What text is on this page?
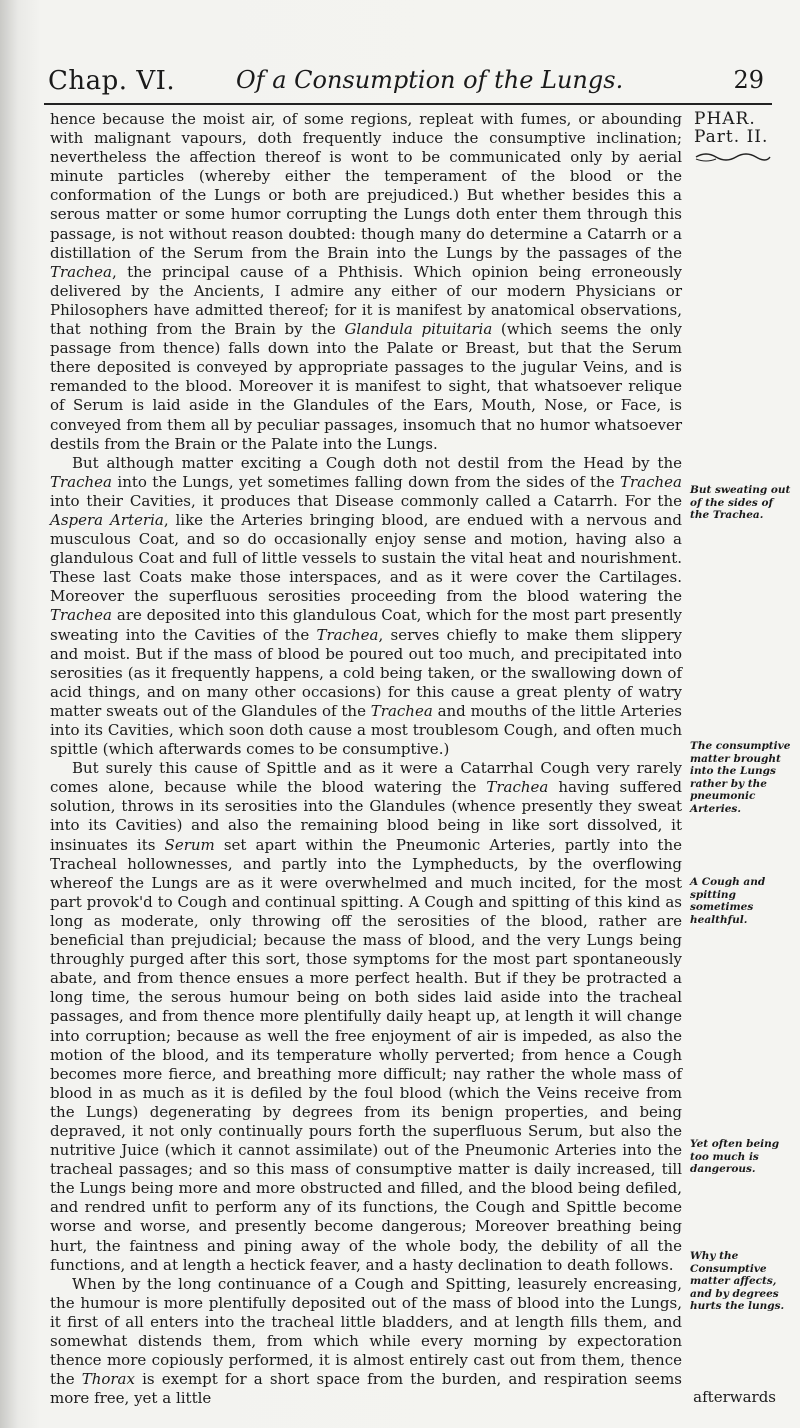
Chap. VI.	Of a Consumption of the Lungs.	29
PHAR.
Part. II.

hence because the moist air, of some regions, repleat with fumes, or abounding with malignant vapours, doth frequently induce the consumptive inclination; nevertheless the affection thereof is wont to be communicated only by aerial minute particles (whereby either the temperament of the blood or the conformation of the Lungs or both are prejudiced.) But whether besides this a serous matter or some humor corrupting the Lungs doth enter them through this passage, is not without reason doubted: though many do determine a Catarrh or a distillation of the Serum from the Brain into the Lungs by the passages of the Trachea, the principal cause of a Phthisis. Which opinion being erroneously delivered by the Ancients, I admire any either of our modern Physicians or Philosophers have admitted thereof; for it is manifest by anatomical observations, that nothing from the Brain by the Glandula pituitaria (which seems the only passage from thence) falls down into the Palate or Breast, but that the Serum there deposited is conveyed by appropriate passages to the jugular Veins, and is remanded to the blood. Moreover it is manifest to sight, that whatsoever relique of Serum is laid aside in the Glandules of the Ears, Mouth, Nose, or Face, is conveyed from them all by peculiar passages, insomuch that no humor whatsoever destils from the Brain or the Palate into the Lungs.

But although matter exciting a Cough doth not destil from the Head by the Trachea into the Lungs, yet sometimes falling down from the sides of the Trachea into their Cavities, it produces that Disease commonly called a Catarrh. For the Aspera Arteria, like the Arteries bringing blood, are endued with a nervous and musculous Coat, and so do occasionally enjoy sense and motion, having also a glandulous Coat and full of little vessels to sustain the vital heat and nourishment. These last Coats make those interspaces, and as it were cover the Cartilages. Moreover the superfluous serosities proceeding from the blood watering the Trachea are deposited into this glandulous Coat, which for the most part presently sweating into the Cavities of the Trachea, serves chiefly to make them slippery and moist. But if the mass of blood be poured out too much, and precipitated into serosities (as it frequently happens, a cold being taken, or the swallowing down of acid things, and on many other occasions) for this cause a great plenty of watry matter sweats out of the Glandules of the Trachea and mouths of the little Arteries into its Cavities, which soon doth cause a most troublesom Cough, and often much spittle (which afterwards comes to be consumptive.)

But surely this cause of Spittle and as it were a Catarrhal Cough very rarely comes alone, because while the blood watering the Trachea having suffered solution, throws in its serosities into the Glandules (whence presently they sweat into its Cavities) and also the remaining blood being in like sort dissolved, it insinuates its Serum set apart within the Pneumonic Arteries, partly into the Tracheal hollownesses, and partly into the Lympheducts, by the overflowing whereof the Lungs are as it were overwhelmed and much incited, for the most part provok'd to Cough and continual spitting. A Cough and spitting of this kind as long as moderate, only throwing off the serosities of the blood, rather are beneficial than prejudicial; because the mass of blood, and the very Lungs being throughly purged after this sort, those symptoms for the most part spontaneously abate, and from thence ensues a more perfect health. But if they be protracted a long time, the serous humour being on both sides laid aside into the tracheal passages, and from thence more plentifully daily heapt up, at length it will change into corruption; because as well the free enjoyment of air is impeded, as also the motion of the blood, and its temperature wholly perverted; from hence a Cough becomes more fierce, and breathing more difficult; nay rather the whole mass of blood in as much as it is defiled by the foul blood (which the Veins receive from the Lungs) degenerating by degrees from its benign properties, and being depraved, it not only continually pours forth the superfluous Serum, but also the nutritive Juice (which it cannot assimilate) out of the Pneumonic Arteries into the tracheal passages; and so this mass of consumptive matter is daily increased, till the Lungs being more and more obstructed and filled, and the blood being defiled, and rendred unfit to perform any of its functions, the Cough and Spittle become worse and worse, and presently become dangerous; Moreover breathing being hurt, the faintness and pining away of the whole body, the debility of all the functions, and at length a hectick feaver, and a hasty declination to death follows.

When by the long continuance of a Cough and Spitting, leasurely encreasing, the humour is more plentifully deposited out of the mass of blood into the Lungs, it first of all enters into the tracheal little bladders, and at length fills them, and somewhat distends them, from which while every morning by expectoration thence more copiously performed, it is almost entirely cast out from them, thence the Thorax is exempt for a short space from the burden, and respiration seems more free, yet a little

But sweating out of the sides of the Trachea.
The consumptive matter brought into the Lungs rather by the pneumonic Arteries.
A Cough and spitting sometimes healthful.
Yet often being too much is dangerous.
Why the Consumptive matter affects, and by degrees hurts the lungs.
afterwards
